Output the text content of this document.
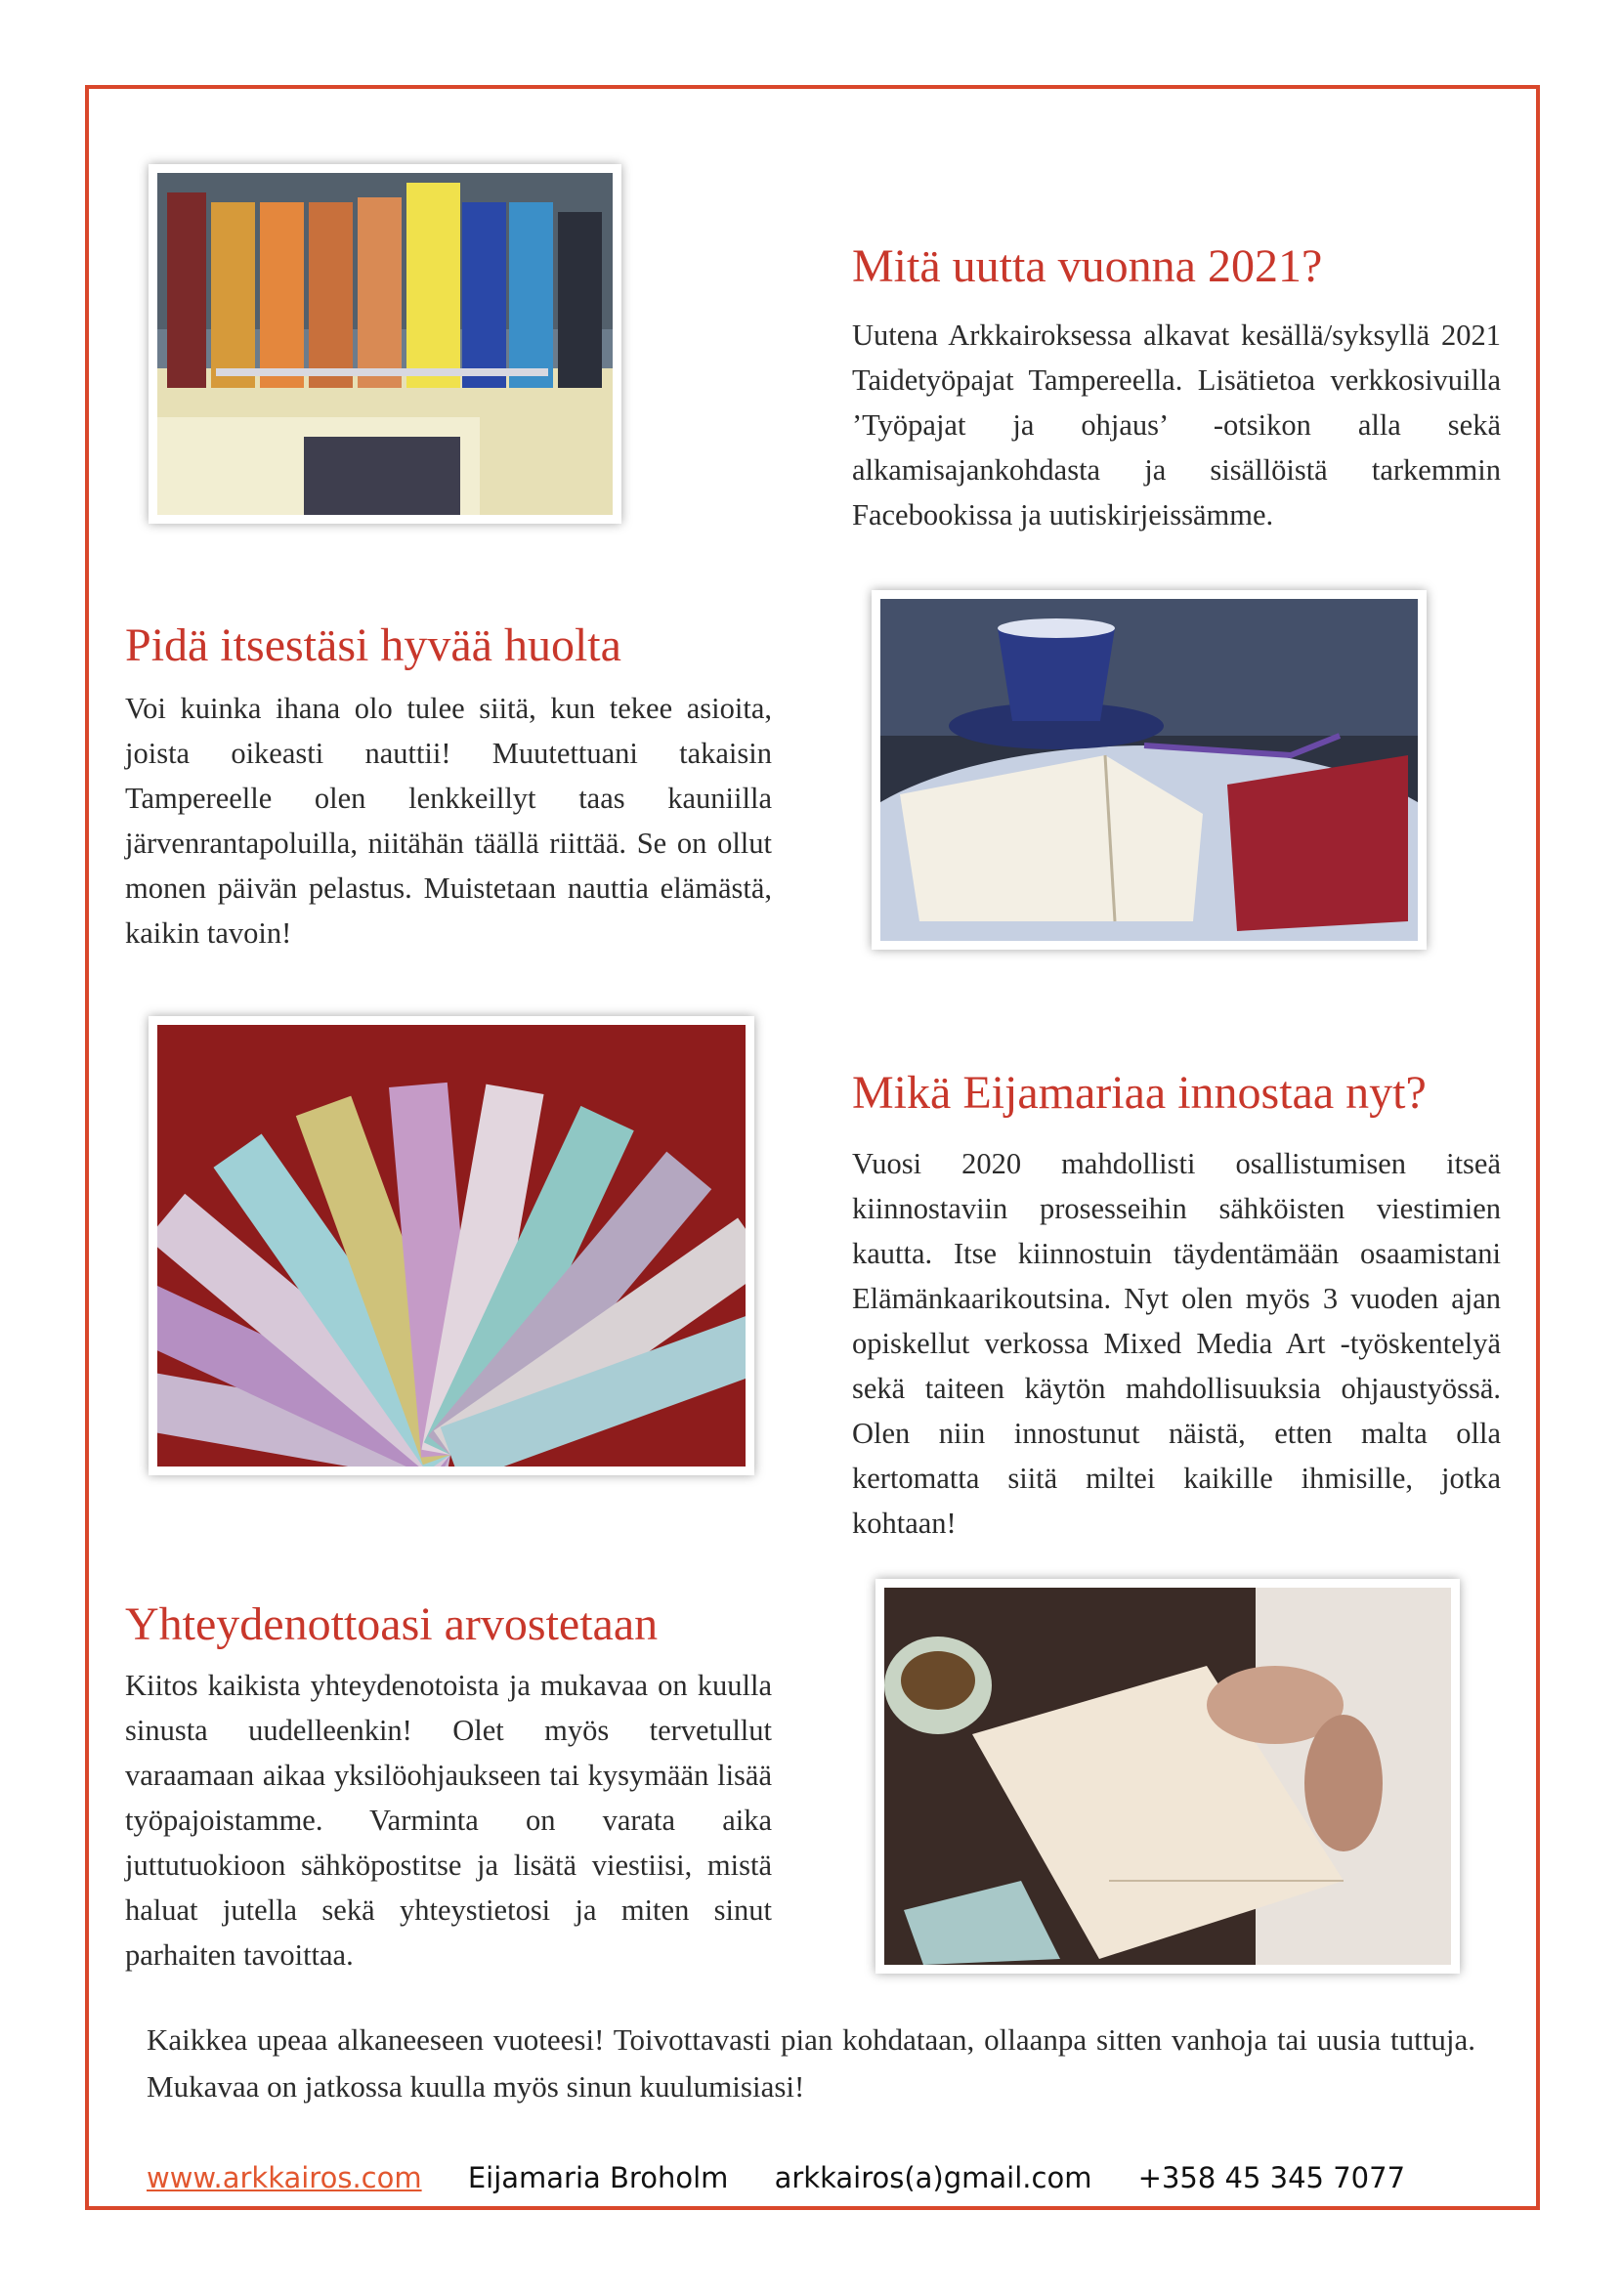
Mitä uutta vuonna 2021?

Uutena Arkkairoksessa alkavat kesällä/syksyllä 2021 Taidetyöpajat Tampereella. Lisätietoa verkkosivuilla ’Työpajat ja ohjaus’ -otsikon alla sekä alkamisajankohdasta ja sisällöistä tarkemmin Facebookissa ja uutiskirjeissämme.

Pidä itsestäsi hyvää huolta

Voi kuinka ihana olo tulee siitä, kun tekee asioita, joista oikeasti nauttii! Muutettuani takaisin Tampereelle olen lenkkeillyt taas kauniilla järvenrantapoluilla, niitähän täällä riittää. Se on ollut monen päivän pelastus. Muistetaan nauttia elämästä, kaikin tavoin!

Mikä Eijamariaa innostaa nyt?

Vuosi 2020 mahdollisti osallistumisen itseä kiinnostaviin prosesseihin sähköisten viestimien kautta. Itse kiinnostuin täydentämään osaamistani Elämänkaarikoutsina. Nyt olen myös 3 vuoden ajan opiskellut verkossa Mixed Media Art -työskentelyä sekä taiteen käytön mahdollisuuksia ohjaustyössä. Olen niin innostunut näistä, etten malta olla kertomatta siitä miltei kaikille ihmisille, jotka kohtaan!

Yhteydenottoasi arvostetaan

Kiitos kaikista yhteydenotoista ja mukavaa on kuulla sinusta uudelleenkin! Olet myös tervetullut varaamaan aikaa yksilöohjaukseen tai kysymään lisää työpajoistamme. Varminta on varata aika juttutuokioon sähköpostitse ja lisätä viestiisi, mistä haluat jutella sekä yhteystietosi ja miten sinut parhaiten tavoittaa.

Kaikkea upeaa alkaneeseen vuoteesi! Toivottavasti pian kohdataan, ollaanpa sitten vanhoja tai uusia tuttuja. Mukavaa on jatkossa kuulla myös sinun kuulumisiasi!

www.arkkairos.com Eijamaria Broholm arkkairos(a)gmail.com +358 45 345 7077
